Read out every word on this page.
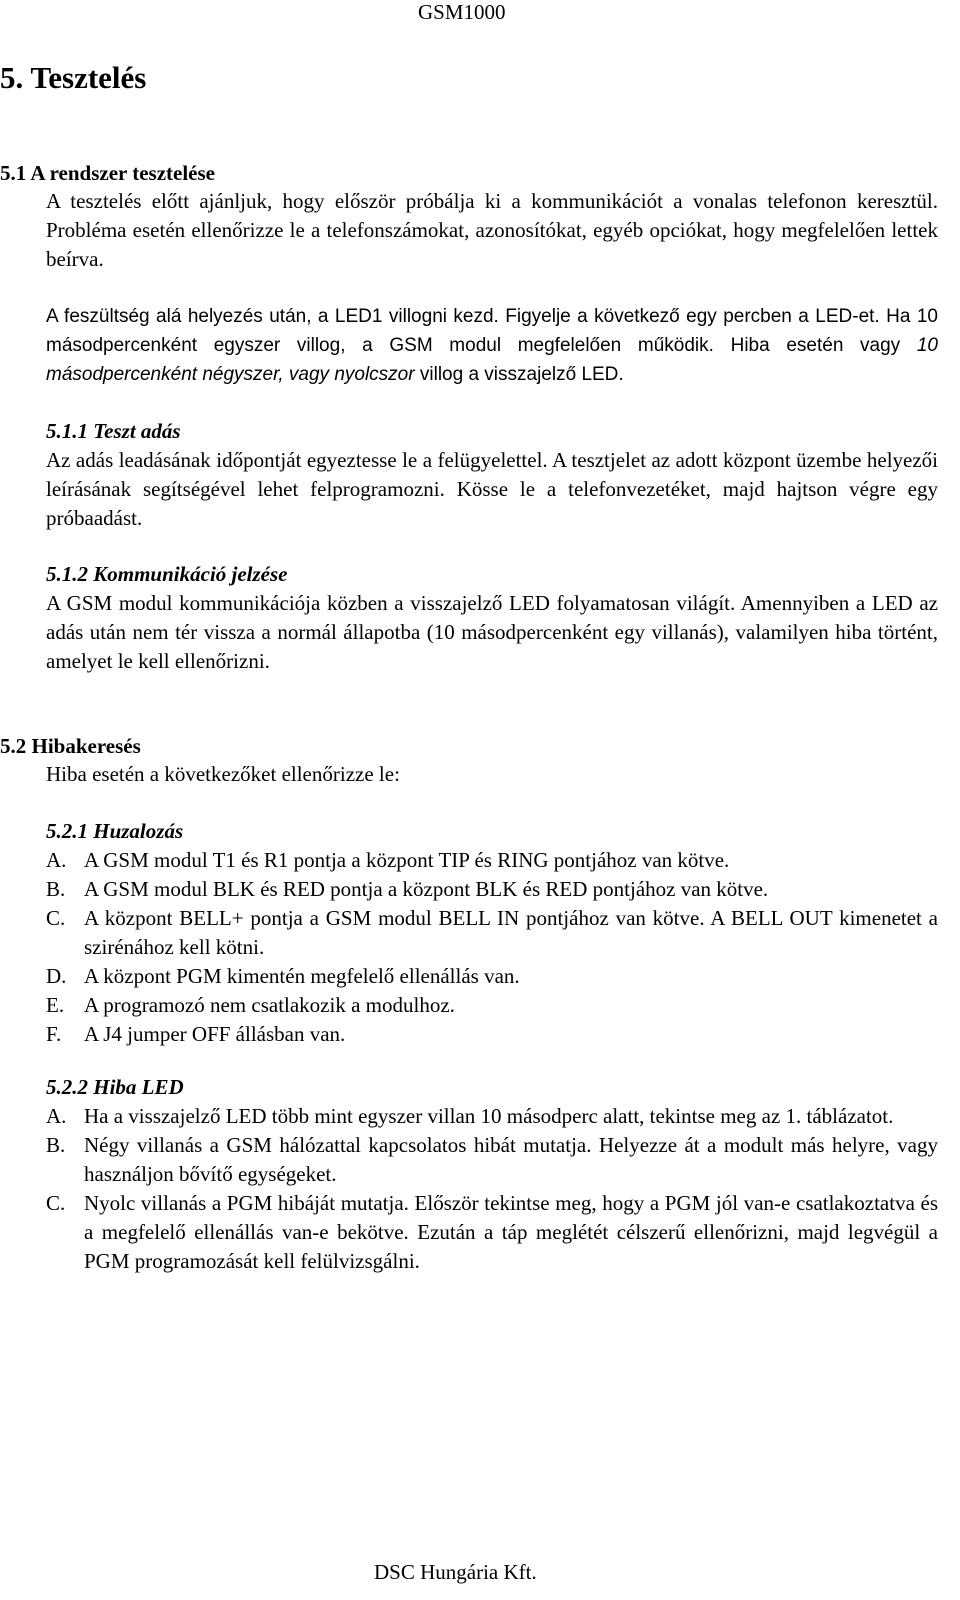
GSM1000
5. Tesztelés
5.1 A rendszer tesztelése

A tesztelés előtt ajánljuk, hogy először próbálja ki a kommunikációt a vonalas telefonon keresztül. Probléma esetén ellenőrizze le a telefonszámokat, azonosítókat, egyéb opciókat, hogy megfelelően lettek beírva.

A feszültség alá helyezés után, a LED1 villogni kezd. Figyelje a következő egy percben a LED-et. Ha 10 másodpercenként egyszer villog, a GSM modul megfelelően működik. Hiba esetén vagy 10 másodpercenként négyszer, vagy nyolcszor villog a visszajelző LED.

5.1.1 Teszt adás

Az adás leadásának időpontját egyeztesse le a felügyelettel. A tesztjelet az adott központ üzembe helyezői leírásának segítségével lehet felprogramozni. Kösse le a telefonvezetéket, majd hajtson végre egy próbaadást.

5.1.2 Kommunikáció jelzése

A GSM modul kommunikációja közben a visszajelző LED folyamatosan világít. Amennyiben a LED az adás után nem tér vissza a normál állapotba (10 másodpercenként egy villanás), valamilyen hiba történt, amelyet le kell ellenőrizni.

5.2 Hibakeresés

Hiba esetén a következőket ellenőrizze le:

5.2.1 Huzalozás
A. A GSM modul T1 és R1 pontja a központ TIP és RING pontjához van kötve.
B. A GSM modul BLK és RED pontja a központ BLK és RED pontjához van kötve.
C. A központ BELL+ pontja a GSM modul BELL IN pontjához van kötve. A BELL OUT kimenetet a szirénához kell kötni.
D. A központ PGM kimentén megfelelő ellenállás van.
E. A programozó nem csatlakozik a modulhoz.
F.	A J4 jumper OFF állásban van.
5.2.2 Hiba LED
A. Ha a visszajelző LED több mint egyszer villan 10 másodperc alatt, tekintse meg az 1. táblázatot.
B. Négy villanás a GSM hálózattal kapcsolatos hibát mutatja. Helyezze át a modult más helyre, vagy használjon bővítő egységeket.
C. Nyolc villanás a PGM hibáját mutatja. Először tekintse meg, hogy a PGM jól van-e csatlakoztatva és a megfelelő ellenállás van-e bekötve. Ezután a táp meglétét célszerű ellenőrizni, majd legvégül a PGM programozását kell felülvizsgálni.
DSC Hungária Kft.
